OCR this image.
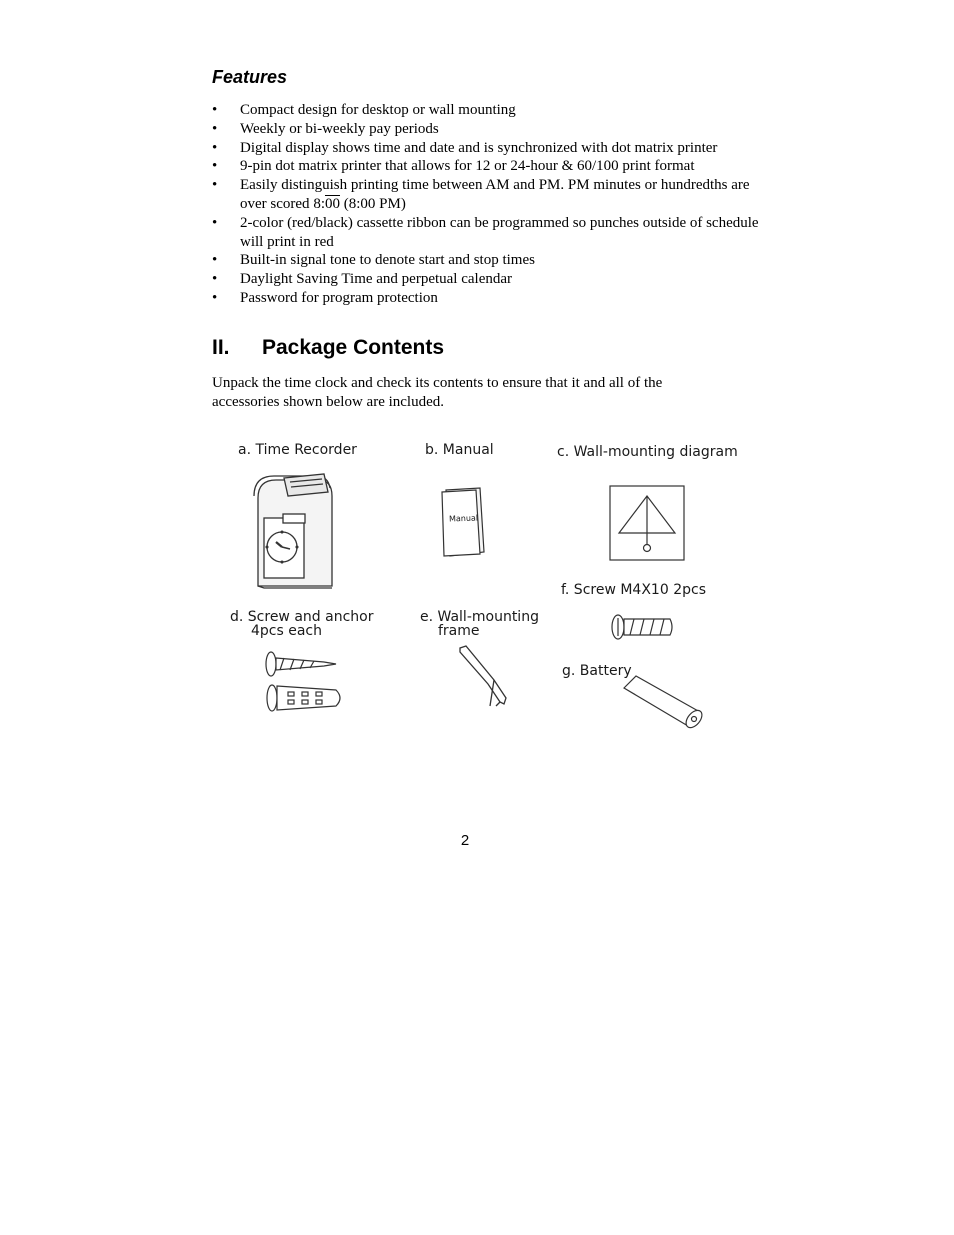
Features
• Compact design for desktop or wall mounting
• Weekly or bi-weekly pay periods
• Digital display shows time and date and is synchronized with dot matrix printer
• 9-pin dot matrix printer that allows for 12 or 24-hour & 60/100 print format
• Easily distinguish printing time between AM and PM. PM minutes or hundredths are over scored 8:00 (8:00 PM)
• 2-color (red/black) cassette ribbon can be programmed so punches outside of schedule will print in red
• Built-in signal tone to denote start and stop times
• Daylight Saving Time and perpetual calendar
• Password for program protection
II. Package Contents

Unpack the time clock and check its contents to ensure that it and all of the accessories shown below are included.

a. Time Recorder	b. Manual	c. Wall-mounting diagram
Manual
f. Screw M4X10 2pcs
d. Screw and anchor
4pcs each
e. Wall-mounting
frame
g. Battery
2
